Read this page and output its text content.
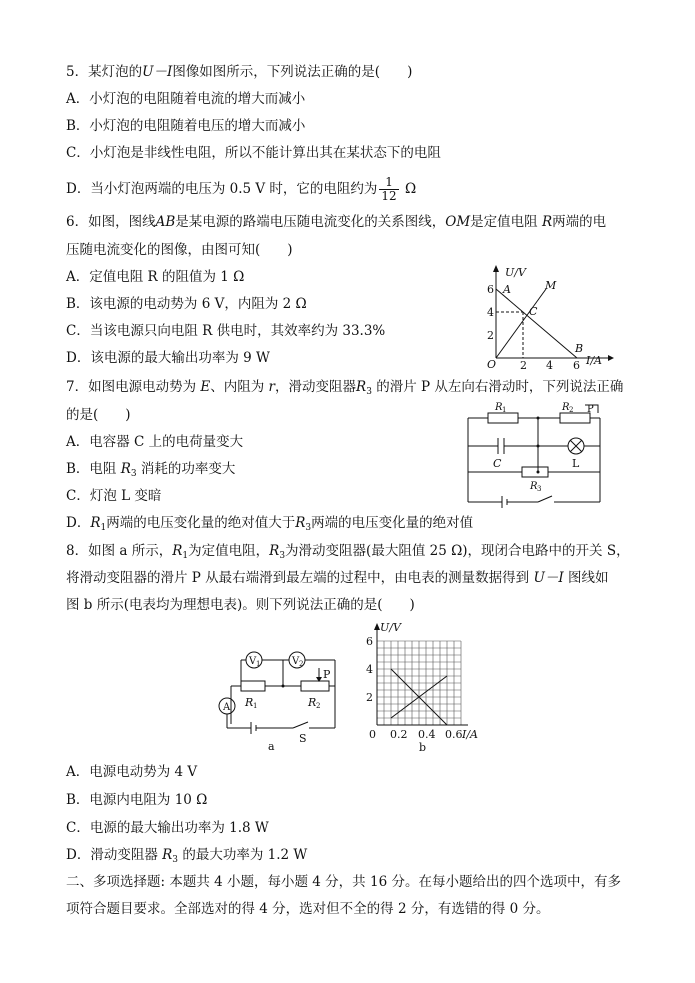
5．某灯泡的U－I图像如图所示，下列说法正确的是(　　)
A．小灯泡的电阻随着电流的增大而减小
B．小灯泡的电阻随着电压的增大而减小
C．小灯泡是非线性电阻，所以不能计算出其在某状态下的电阻
D．当小灯泡两端的电压为 0.5 V 时，它的电阻约为 $\frac{1}{12}$ Ω
6．如图，图线AB是某电源的路端电压随电流变化的关系图线，OM是定值电阻 R两端的电
压随电流变化的图像，由图可知(　　)
A．定值电阻 R 的阻值为 1 Ω
B．该电源的电动势为 6 V，内阻为 2 Ω
C．当该电源只向电阻 R 供电时，其效率约为 33.3%
D．该电源的最大输出功率为 9 W
U/V
I/A
O
6
4
2
2 4 6
A
B
C
M
7．如图电源电动势为 E、内阻为 r，滑动变阻器$R_3$ 的滑片 P 从左向右滑动时，下列说法正确
的是(　　)
A．电容器 C 上的电荷量变大
B．电阻 $R_3$ 消耗的功率变大
C．灯泡 L 变暗
D．$R_1$两端的电压变化量的绝对值大于$R_3$两端的电压变化量的绝对值
R 1	R 2 P
C	L
R 3
8．如图 a 所示，$R_1$为定值电阻，$R_3$为滑动变阻器(最大阻值 25 Ω)，现闭合电路中的开关 S，
将滑动变阻器的滑片 P 从最右端滑到最左端的过程中，由电表的测量数据得到 U－I 图线如
图 b 所示(电表均为理想电表)。则下列说法正确的是(　　)
V 1	V 2
P
A R 1	R 2
S
a
U/V
6
4
2
0 0.2 0.4 0.6 I/A
b
A．电源电动势为 4 V
B．电源内电阻为 10 Ω
C．电源的最大输出功率为 1.8 W
D．滑动变阻器 $R_3$ 的最大功率为 1.2 W
二、多项选择题: 本题共 4 小题，每小题 4 分，共 16 分。在每小题给出的四个选项中，有多
项符合题目要求。全部选对的得 4 分，选对但不全的得 2 分，有选错的得 0 分。
